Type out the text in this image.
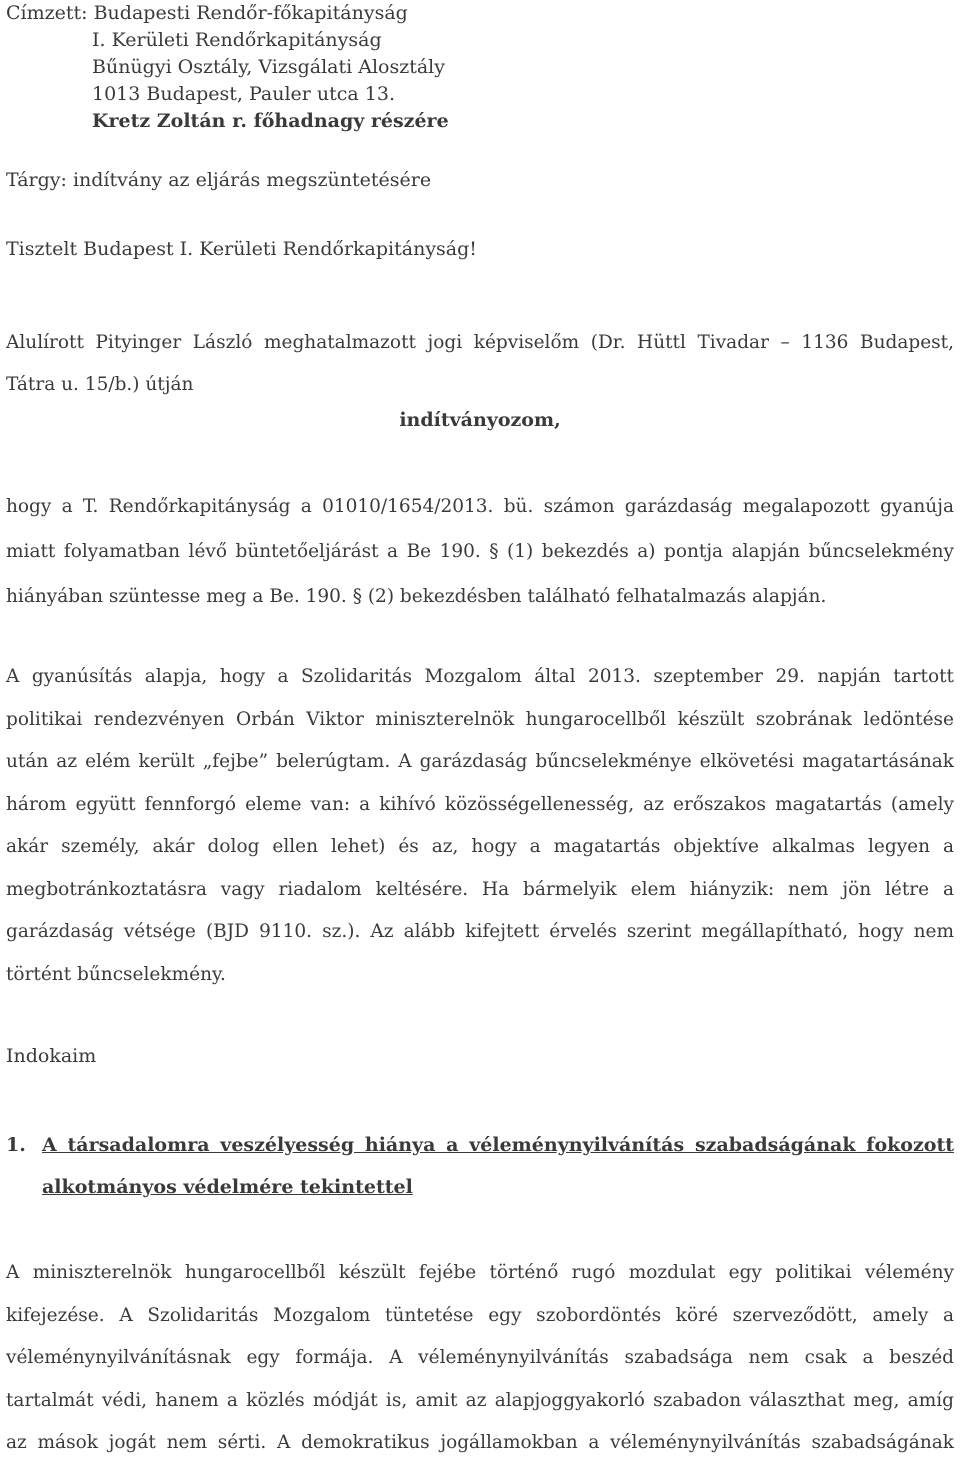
Címzett: Budapesti Rendőr-főkapitányság
I. Kerületi Rendőrkapitányság
Bűnügyi Osztály, Vizsgálati Alosztály
1013 Budapest, Pauler utca 13.
Kretz Zoltán r. főhadnagy részére
Tárgy: indítvány az eljárás megszüntetésére
Tisztelt Budapest I. Kerületi Rendőrkapitányság!
Alulírott Pityinger László meghatalmazott jogi képviselőm (Dr. Hüttl Tivadar – 1136 Budapest,
Tátra u. 15/b.) útján
indítványozom,
hogy a T. Rendőrkapitányság a 01010/1654/2013. bü. számon garázdaság megalapozott gyanúja
miatt folyamatban lévő büntetőeljárást a Be 190. § (1) bekezdés a) pontja alapján bűncselekmény
hiányában szüntesse meg a Be. 190. § (2) bekezdésben található felhatalmazás alapján.
A gyanúsítás alapja, hogy a Szolidaritás Mozgalom által 2013. szeptember 29. napján tartott
politikai rendezvényen Orbán Viktor miniszterelnök hungarocellből készült szobrának ledöntése
után az elém került „fejbe” belerúgtam. A garázdaság bűncselekménye elkövetési magatartásának
három együtt fennforgó eleme van: a kihívó közösségellenesség, az erőszakos magatartás (amely
akár személy, akár dolog ellen lehet) és az, hogy a magatartás objektíve alkalmas legyen a
megbotránkoztatásra vagy riadalom keltésére. Ha bármelyik elem hiányzik: nem jön létre a
garázdaság vétsége (BJD 9110. sz.). Az alább kifejtett érvelés szerint megállapítható, hogy nem
történt bűncselekmény.
Indokaim
1. A társadalomra veszélyesség hiánya a véleménynyilvánítás szabadságának fokozott
alkotmányos védelmére tekintettel
A miniszterelnök hungarocellből készült fejébe történő rugó mozdulat egy politikai vélemény
kifejezése. A Szolidaritás Mozgalom tüntetése egy szobordöntés köré szerveződött, amely a
véleménynyilvánításnak egy formája. A véleménynyilvánítás szabadsága nem csak a beszéd
tartalmát védi, hanem a közlés módját is, amit az alapjoggyakorló szabadon választhat meg, amíg
az mások jogát nem sérti. A demokratikus jogállamokban a véleménynyilvánítás szabadságának
